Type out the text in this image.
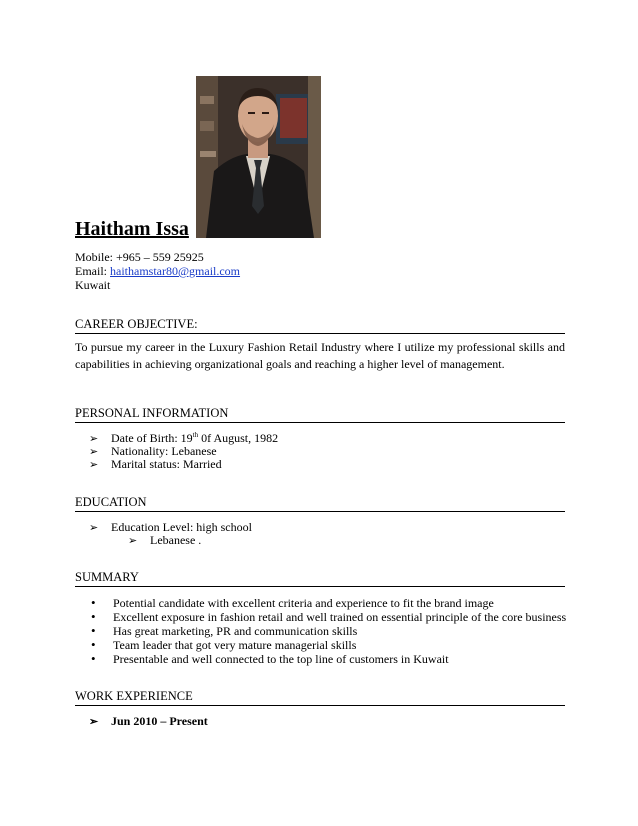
Haitham Issa
Mobile: +965 – 559 25925
Email: haithamstar80@gmail.com
Kuwait
CAREER OBJECTIVE:
To pursue my career in the Luxury Fashion Retail Industry where I utilize my professional skills and capabilities in achieving organizational goals and reaching a higher level of management.
PERSONAL INFORMATION
➢ Date of Birth: 19th 0f August, 1982
➢ Nationality: Lebanese
➢ Marital status: Married
EDUCATION
➢ Education Level: high school
➢ Lebanese .
SUMMARY
• Potential candidate with excellent criteria and experience to fit the brand image
• Excellent exposure in fashion retail and well trained on essential principle of the core business
• Has great marketing, PR and communication skills
• Team leader that got very mature managerial skills
• Presentable and well connected to the top line of customers in Kuwait
WORK EXPERIENCE
➢ Jun 2010 – Present
